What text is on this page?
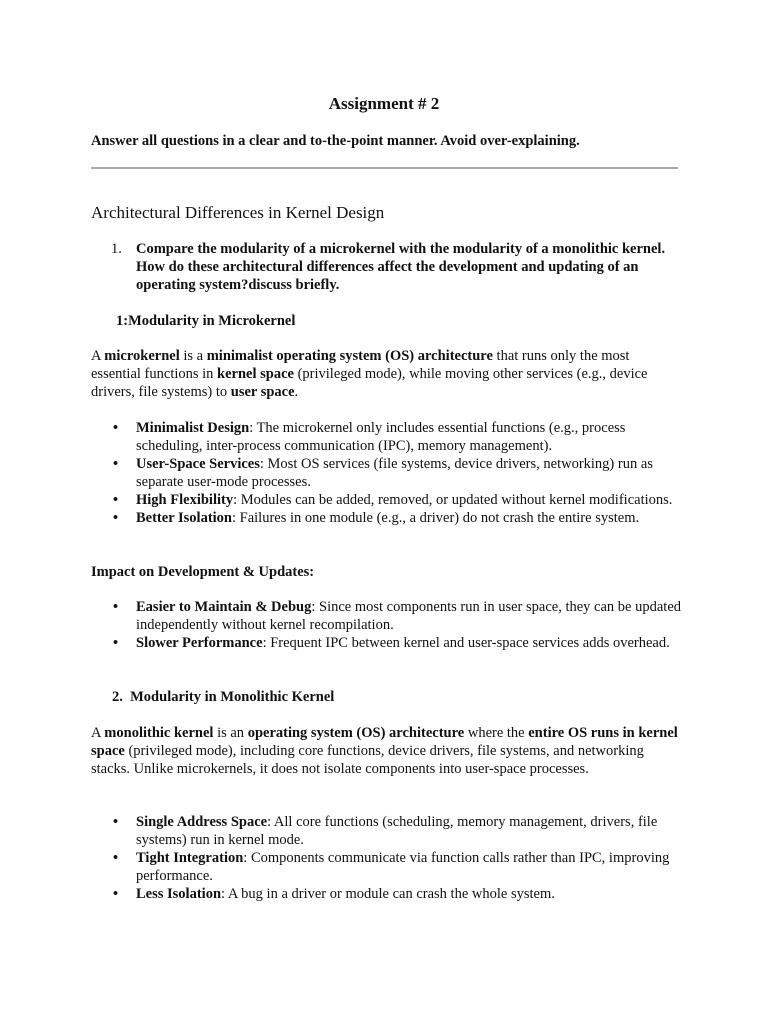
Assignment # 2
Answer all questions in a clear and to-the-point manner. Avoid over-explaining.
Architectural Differences in Kernel Design
1. Compare the modularity of a microkernel with the modularity of a monolithic kernel. How do these architectural differences affect the development and updating of an operating system?discuss briefly.
1:Modularity in Microkernel
A microkernel is a minimalist operating system (OS) architecture that runs only the most essential functions in kernel space (privileged mode), while moving other services (e.g., device drivers, file systems) to user space.
• Minimalist Design: The microkernel only includes essential functions (e.g., process scheduling, inter-process communication (IPC), memory management).
• User-Space Services: Most OS services (file systems, device drivers, networking) run as separate user-mode processes.
• High Flexibility: Modules can be added, removed, or updated without kernel modifications.
• Better Isolation: Failures in one module (e.g., a driver) do not crash the entire system.
Impact on Development & Updates:
• Easier to Maintain & Debug: Since most components run in user space, they can be updated independently without kernel recompilation.
• Slower Performance: Frequent IPC between kernel and user-space services adds overhead.
2.  Modularity in Monolithic Kernel
A monolithic kernel is an operating system (OS) architecture where the entire OS runs in kernel space (privileged mode), including core functions, device drivers, file systems, and networking stacks. Unlike microkernels, it does not isolate components into user-space processes.
• Single Address Space: All core functions (scheduling, memory management, drivers, file systems) run in kernel mode.
• Tight Integration: Components communicate via function calls rather than IPC, improving performance.
• Less Isolation: A bug in a driver or module can crash the whole system.
